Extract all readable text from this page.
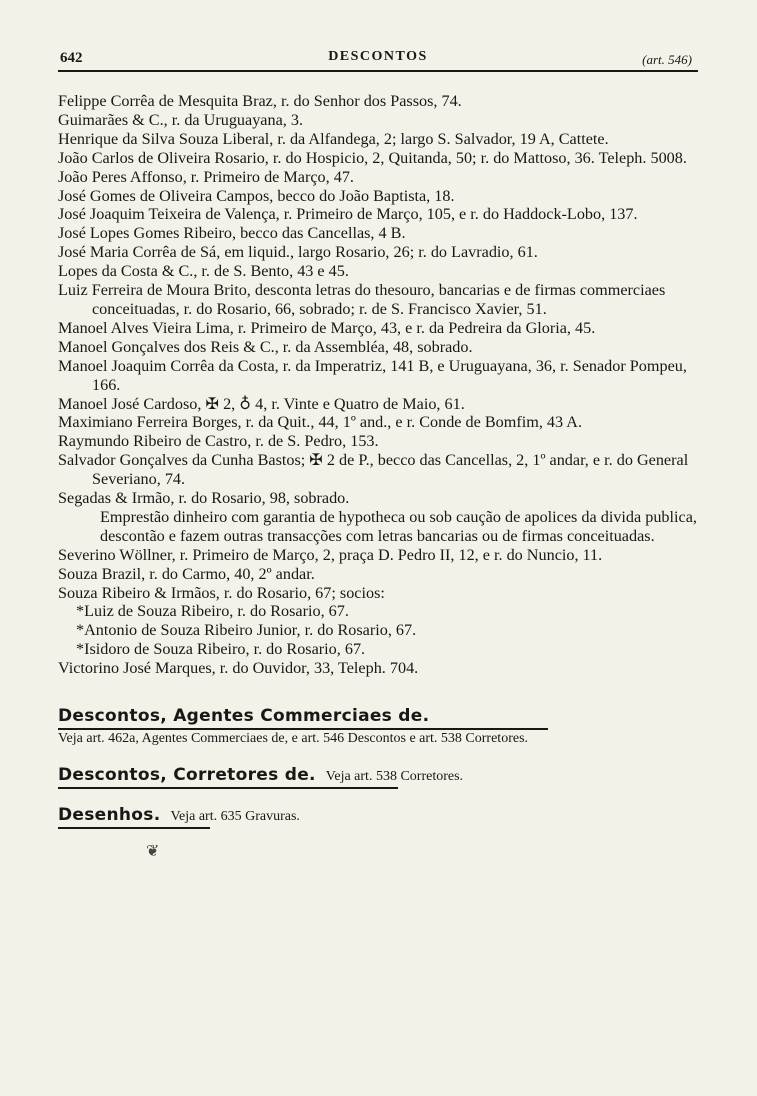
642	DESCONTOS	(art. 546)
Felippe Corrêa de Mesquita Braz, r. do Senhor dos Passos, 74.
Guimarães & C., r. da Uruguayana, 3.
Henrique da Silva Souza Liberal, r. da Alfandega, 2; largo S. Salvador, 19 A, Cattete.
João Carlos de Oliveira Rosario, r. do Hospicio, 2, Quitanda, 50; r. do Mattoso, 36. Teleph. 5008.
João Peres Affonso, r. Primeiro de Março, 47.
José Gomes de Oliveira Campos, becco do João Baptista, 18.
José Joaquim Teixeira de Valença, r. Primeiro de Março, 105, e r. do Haddock-Lobo, 137.
José Lopes Gomes Ribeiro, becco das Cancellas, 4 B.
José Maria Corrêa de Sá, em liquid., largo Rosario, 26; r. do Lavradio, 61.
Lopes da Costa & C., r. de S. Bento, 43 e 45.
Luiz Ferreira de Moura Brito, desconta letras do thesouro, bancarias e de firmas commerciaes conceituadas, r. do Rosario, 66, sobrado; r. de S. Francisco Xavier, 51.
Manoel Alves Vieira Lima, r. Primeiro de Março, 43, e r. da Pedreira da Gloria, 45.
Manoel Gonçalves dos Reis & C., r. da Assembléa, 48, sobrado.
Manoel Joaquim Corrêa da Costa, r. da Imperatriz, 141 B, e Uruguayana, 36, r. Senador Pompeu, 166.
Manoel José Cardoso, ✠ 2, ♁ 4, r. Vinte e Quatro de Maio, 61.
Maximiano Ferreira Borges, r. da Quit., 44, 1º and., e r. Conde de Bomfim, 43 A.
Raymundo Ribeiro de Castro, r. de S. Pedro, 153.
Salvador Gonçalves da Cunha Bastos; ✠ 2 de P., becco das Cancellas, 2, 1º andar, e r. do General Severiano, 74.
Segadas & Irmão, r. do Rosario, 98, sobrado.
Emprestão dinheiro com garantia de hypotheca ou sob caução de apolices da divida publica, descontão e fazem outras transacções com letras bancarias ou de firmas conceituadas.
Severino Wöllner, r. Primeiro de Março, 2, praça D. Pedro II, 12, e r. do Nuncio, 11.
Souza Brazil, r. do Carmo, 40, 2º andar.
Souza Ribeiro & Irmãos, r. do Rosario, 67; socios:
*Luiz de Souza Ribeiro, r. do Rosario, 67.
*Antonio de Souza Ribeiro Junior, r. do Rosario, 67.
*Isidoro de Souza Ribeiro, r. do Rosario, 67.
Victorino José Marques, r. do Ouvidor, 33, Teleph. 704.
Descontos, Agentes Commerciaes de.
Veja art. 462a, Agentes Commerciaes de, e art. 546 Descontos e art. 538 Corretores.
Descontos, Corretores de. Veja art. 538 Corretores.
Desenhos. Veja art. 635 Gravuras.
❦
